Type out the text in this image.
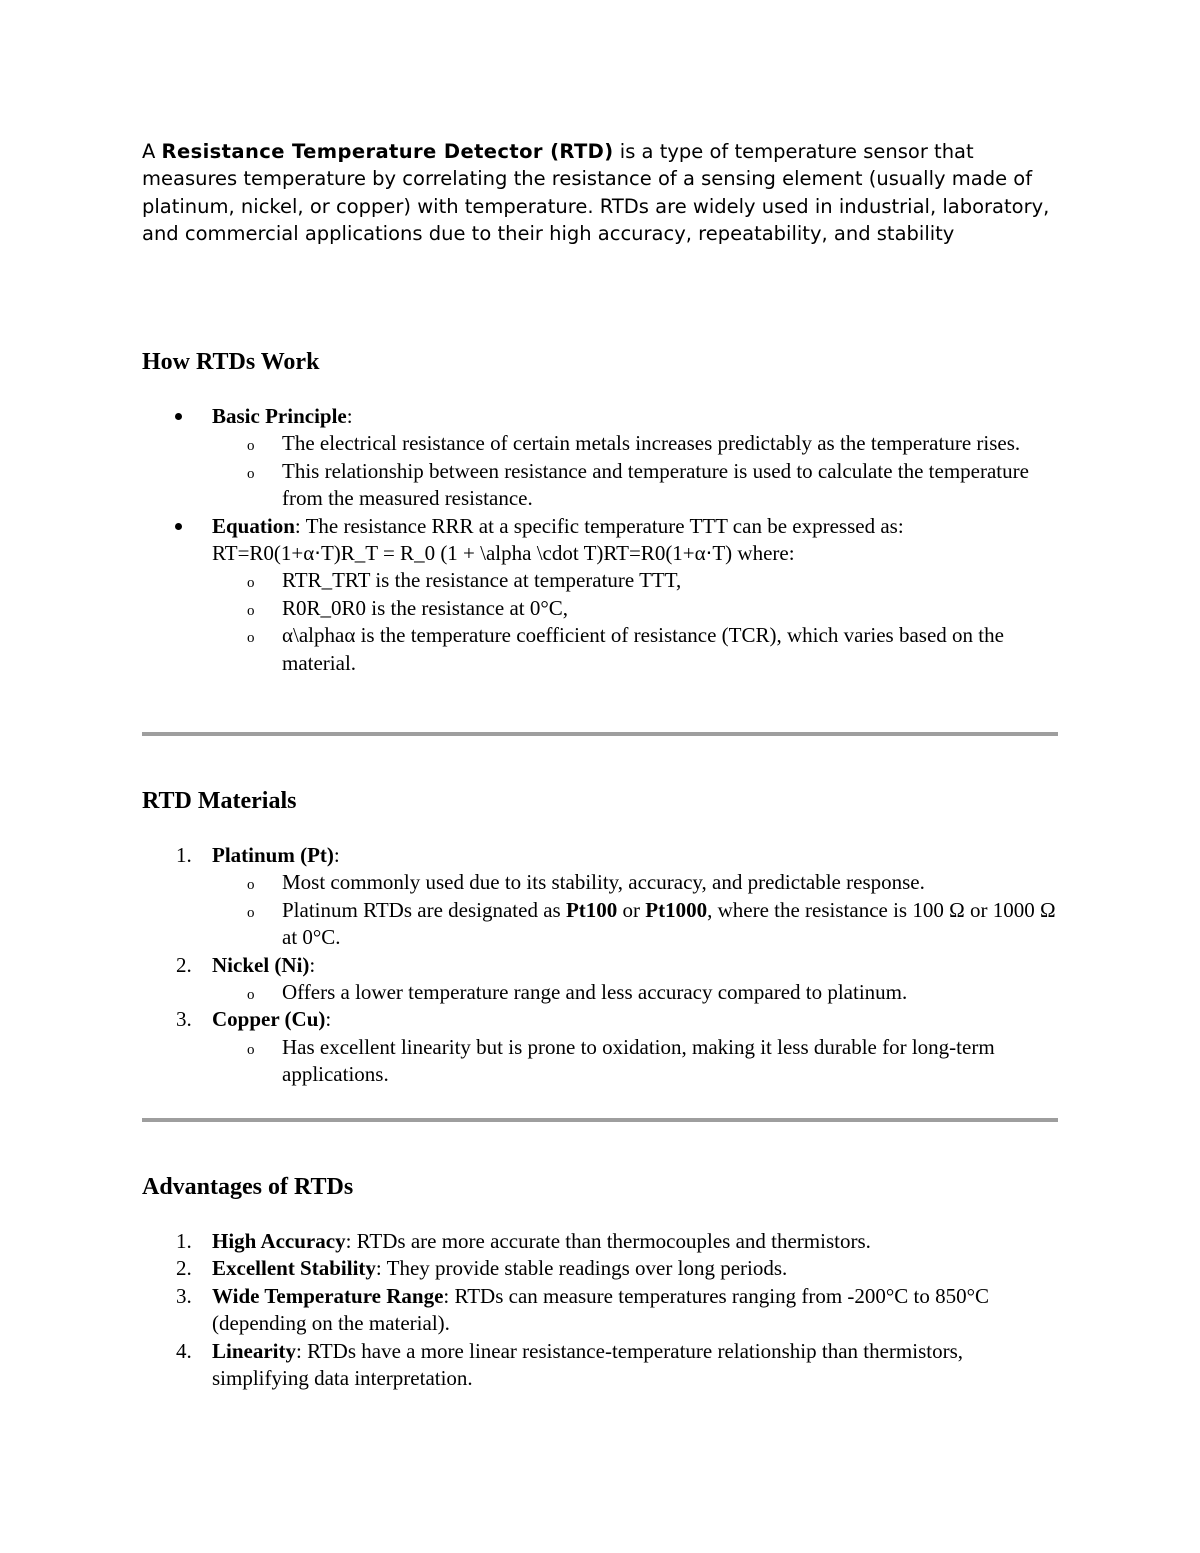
A Resistance Temperature Detector (RTD) is a type of temperature sensor that measures temperature by correlating the resistance of a sensing element (usually made of platinum, nickel, or copper) with temperature. RTDs are widely used in industrial, laboratory, and commercial applications due to their high accuracy, repeatability, and stability

How RTDs Work
Basic Principle:
o The electrical resistance of certain metals increases predictably as the temperature rises.
o This relationship between resistance and temperature is used to calculate the temperature from the measured resistance.
Equation: The resistance RRR at a specific temperature TTT can be expressed as: RT=R0(1+α⋅T)R_T = R_0 (1 + \alpha \cdot T)RT=R0(1+α⋅T) where:
o RTR_TRT is the resistance at temperature TTT,
o R0R_0R0 is the resistance at 0°C,
o α\alphaα is the temperature coefficient of resistance (TCR), which varies based on the material.
RTD Materials
1. Platinum (Pt):
o Most commonly used due to its stability, accuracy, and predictable response.
o Platinum RTDs are designated as Pt100 or Pt1000, where the resistance is 100 Ω or 1000 Ω at 0°C.
2. Nickel (Ni):
o Offers a lower temperature range and less accuracy compared to platinum.
3. Copper (Cu):
o Has excellent linearity but is prone to oxidation, making it less durable for long-term applications.
Advantages of RTDs
1. High Accuracy: RTDs are more accurate than thermocouples and thermistors.
2. Excellent Stability: They provide stable readings over long periods.
3. Wide Temperature Range: RTDs can measure temperatures ranging from -200°C to 850°C (depending on the material).
4. Linearity: RTDs have a more linear resistance-temperature relationship than thermistors, simplifying data interpretation.
